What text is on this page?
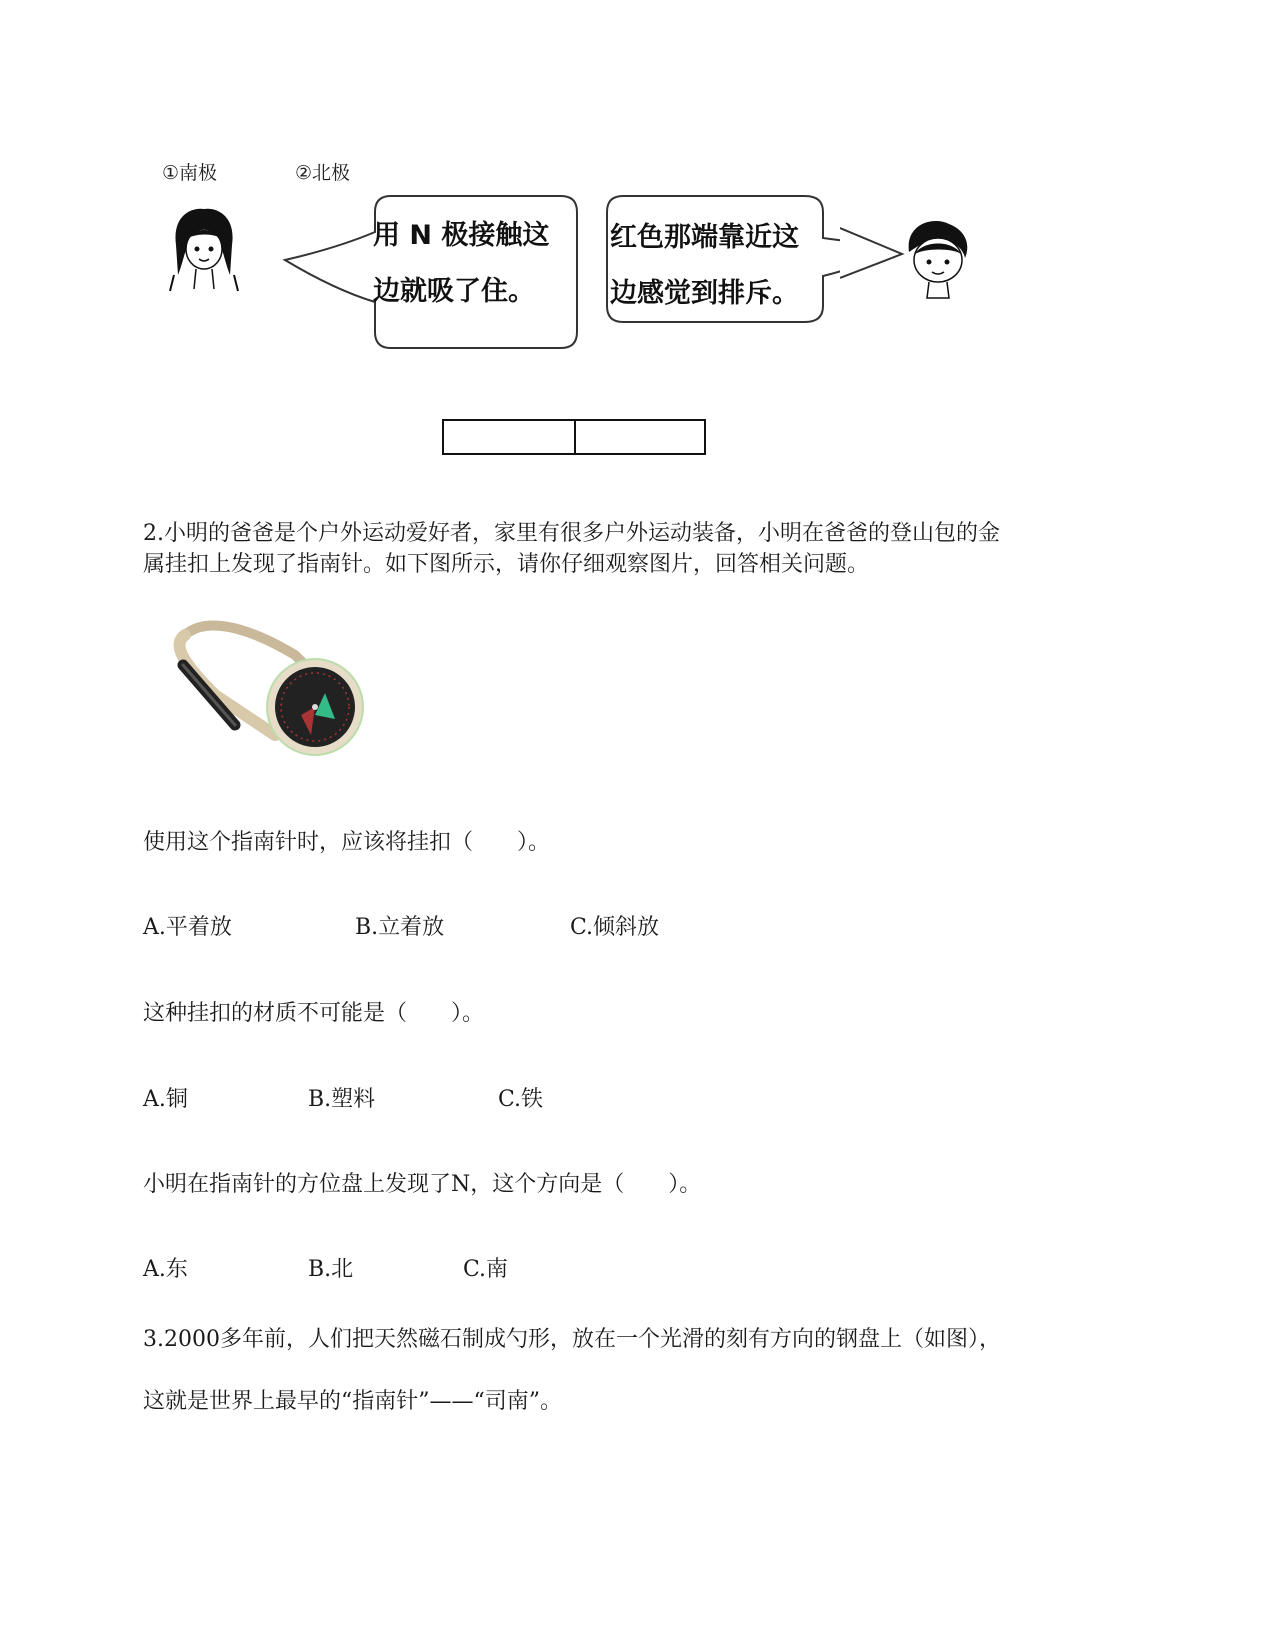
①南极	②北极
用 N 极接触这
边就吸了住。
红色那端靠近这
边感觉到排斥。
2.小明的爸爸是个户外运动爱好者，家里有很多户外运动装备，小明在爸爸的登山包的金
属挂扣上发现了指南针。如下图所示，请你仔细观察图片，回答相关问题。
使用这个指南针时，应该将挂扣（　　）。
A.平着放	B.立着放	C.倾斜放
这种挂扣的材质不可能是（　　）。
A.铜	B.塑料	C.铁
小明在指南针的方位盘上发现了N，这个方向是（　　）。
A.东	B.北	C.南
3.2000多年前，人们把天然磁石制成勺形，放在一个光滑的刻有方向的钢盘上（如图），
这就是世界上最早的“指南针”——“司南”。
